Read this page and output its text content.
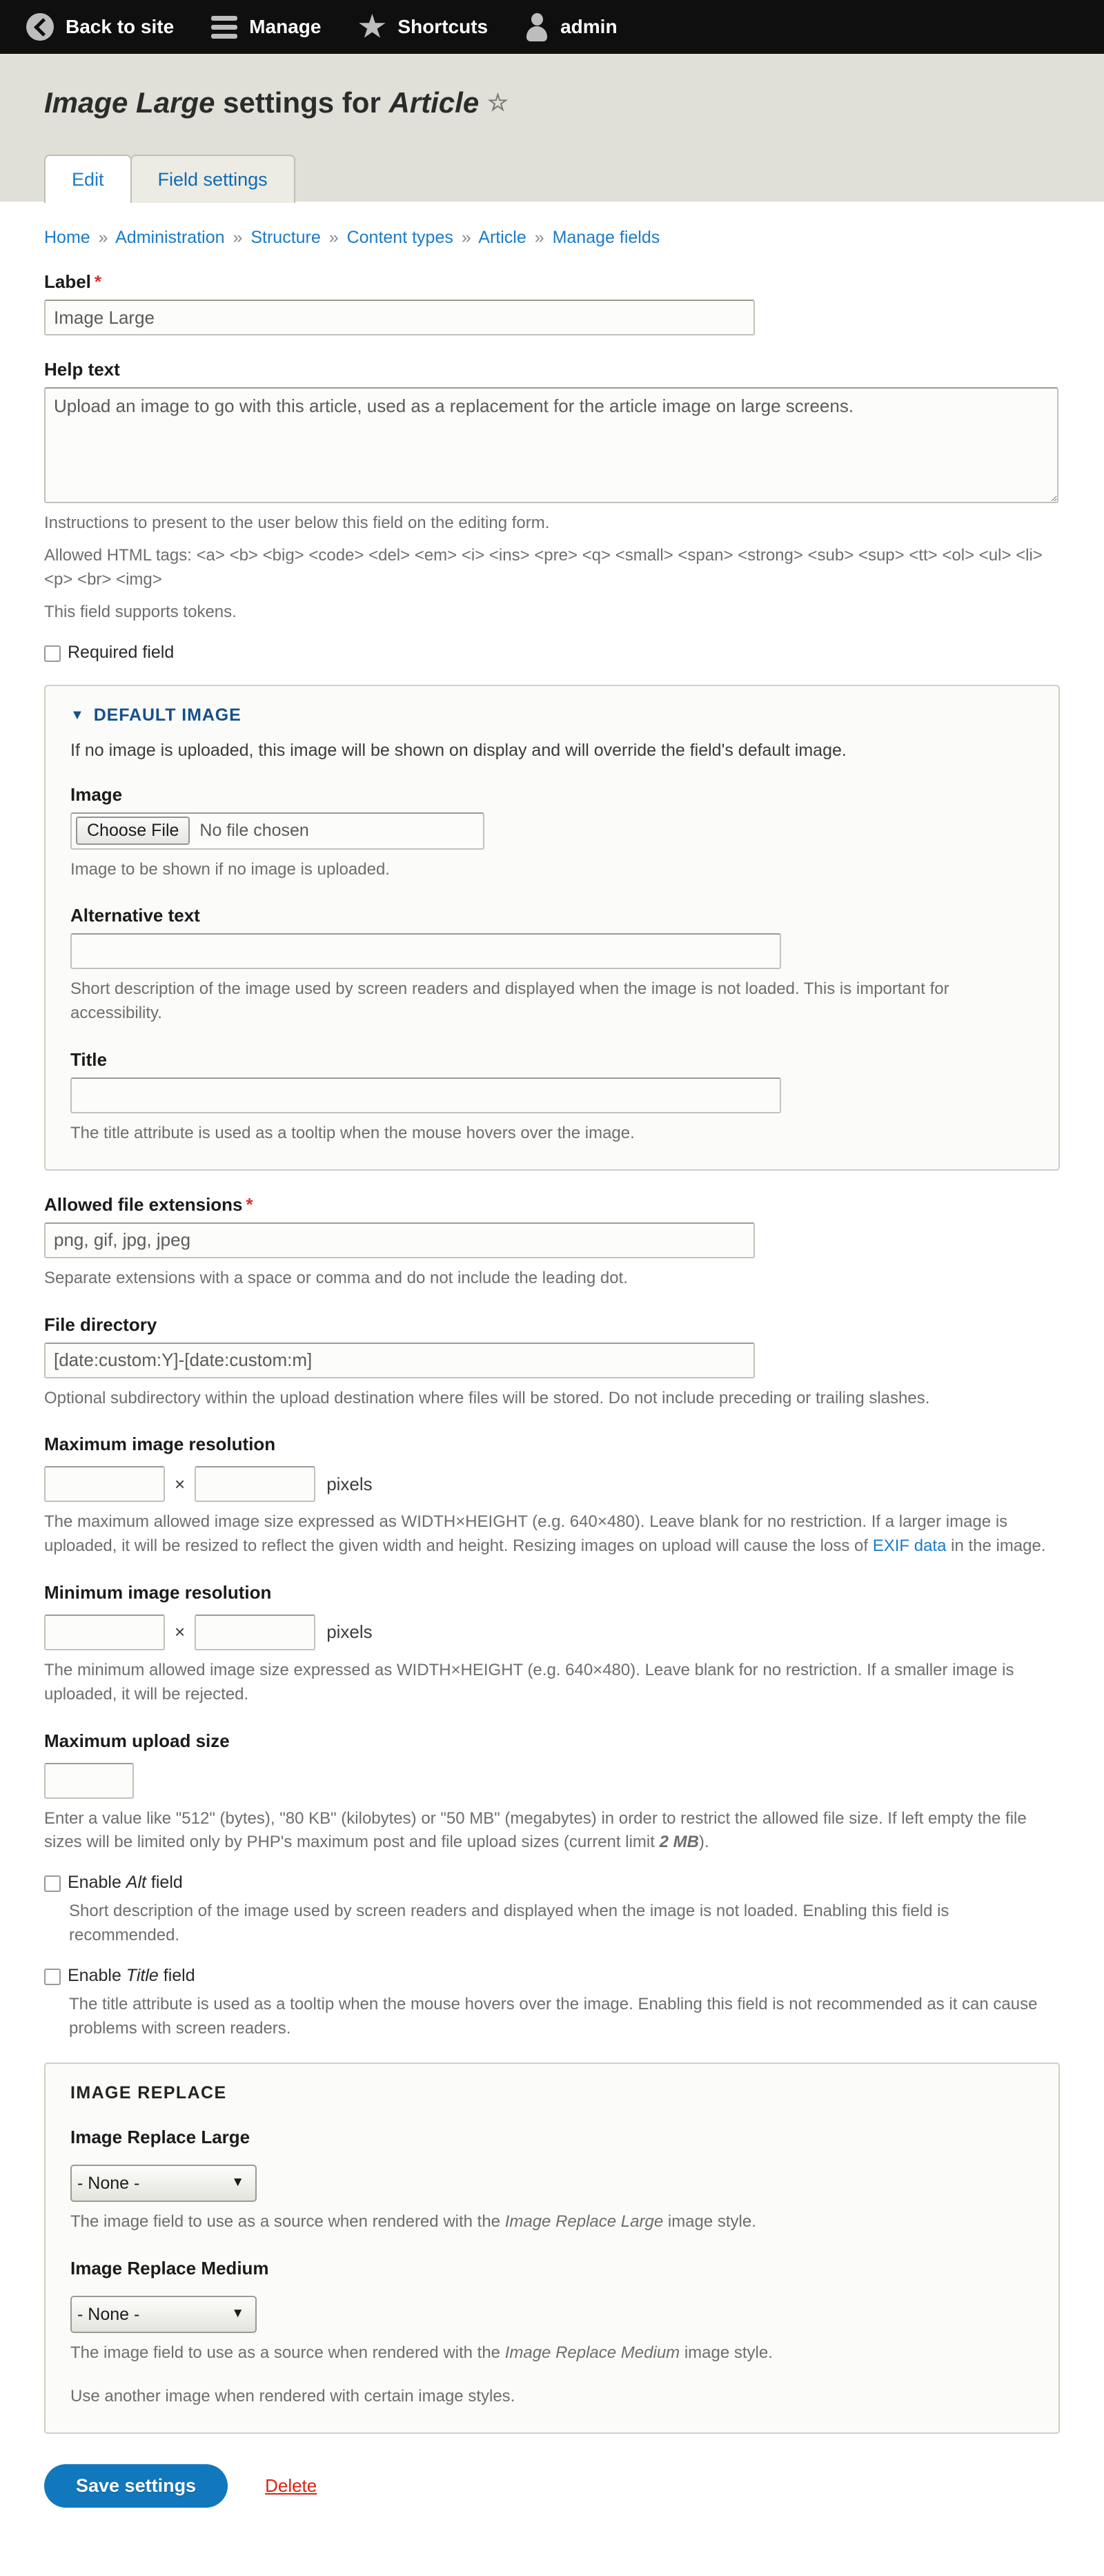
Back to site	Manage	Shortcuts	admin
Image Large settings for Article ☆
Edit	Field settings
Home » Administration » Structure » Content types » Article » Manage fields
Label *
Image Large
Help text
Upload an image to go with this article, used as a replacement for the article image on large screens.

Instructions to present to the user below this field on the editing form.

Allowed HTML tags: <a> <b> <big> <code> <del> <em> <i> <ins> <pre> <q> <small> <span> <strong> <sub> <sup> <tt> <ol> <ul> <li> <p> <br> <img>

This field supports tokens.

Required field
▼ DEFAULT IMAGE

If no image is uploaded, this image will be shown on display and will override the field's default image.

Image
Choose File	No file chosen

Image to be shown if no image is uploaded.

Alternative text

Short description of the image used by screen readers and displayed when the image is not loaded. This is important for accessibility.

Title

The title attribute is used as a tooltip when the mouse hovers over the image.

Allowed file extensions *
png, gif, jpg, jpeg

Separate extensions with a space or comma and do not include the leading dot.

File directory
[date:custom:Y]-[date:custom:m]

Optional subdirectory within the upload destination where files will be stored. Do not include preceding or trailing slashes.

Maximum image resolution
×	pixels

The maximum allowed image size expressed as WIDTH×HEIGHT (e.g. 640×480). Leave blank for no restriction. If a larger image is uploaded, it will be resized to reflect the given width and height. Resizing images on upload will cause the loss of EXIF data in the image.

Minimum image resolution
×	pixels

The minimum allowed image size expressed as WIDTH×HEIGHT (e.g. 640×480). Leave blank for no restriction. If a smaller image is uploaded, it will be rejected.

Maximum upload size

Enter a value like "512" (bytes), "80 KB" (kilobytes) or "50 MB" (megabytes) in order to restrict the allowed file size. If left empty the file sizes will be limited only by PHP's maximum post and file upload sizes (current limit 2 MB).

Enable Alt field

Short description of the image used by screen readers and displayed when the image is not loaded. Enabling this field is recommended.

Enable Title field

The title attribute is used as a tooltip when the mouse hovers over the image. Enabling this field is not recommended as it can cause problems with screen readers.

IMAGE REPLACE
Image Replace Large
- None - ▼

The image field to use as a source when rendered with the Image Replace Large image style.

Image Replace Medium
- None - ▼

The image field to use as a source when rendered with the Image Replace Medium image style.

Use another image when rendered with certain image styles.

Save settings	Delete
